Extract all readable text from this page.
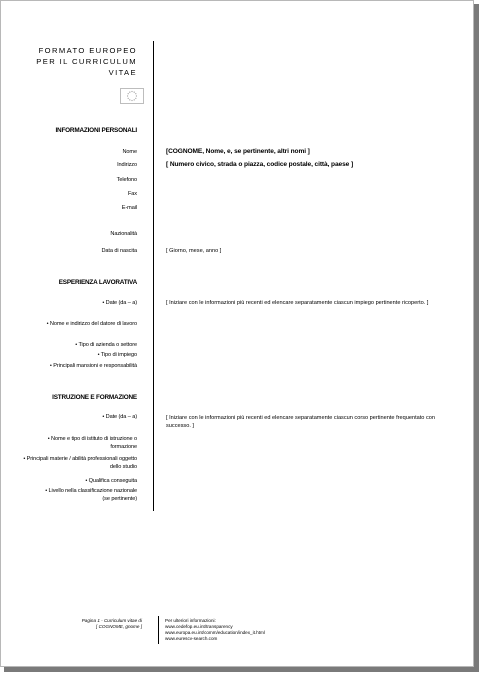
FORMATO EUROPEO
PER IL CURRICULUM
VITAE
INFORMAZIONI PERSONALI
Nome	[COGNOME, Nome, e, se pertinente, altri nomi ]
Indirizzo	[ Numero civico, strada o piazza, codice postale, città, paese ]
Telefono
Fax
E-mail
Nazionalità
Data di nascita	[ Giorno, mese, anno ]
ESPERIENZA LAVORATIVA
• Date (da – a)	[ Iniziare con le informazioni più recenti ed elencare separatamente ciascun impiego pertinente ricoperto. ]
• Nome e indirizzo del datore di lavoro
• Tipo di azienda o settore
• Tipo di impiego
• Principali mansioni e responsabilità
ISTRUZIONE E FORMAZIONE
• Date (da – a)	[ Iniziare con le informazioni più recenti ed elencare separatamente ciascun corso pertinente frequentato con successo. ]
• Nome e tipo di istituto di istruzione o formazione
• Principali materie / abilità professionali oggetto dello studio
• Qualifica conseguita
• Livello nella classificazione nazionale (se pertinente)
Pagina 1 - Curriculum vitae di
[ COGNOME, gnome ]
Per ulteriori informazioni:
www.cedefop.eu.int/transparency
www.europa.eu.int/comm/education/index_it.html
www.eurescv-search.com
